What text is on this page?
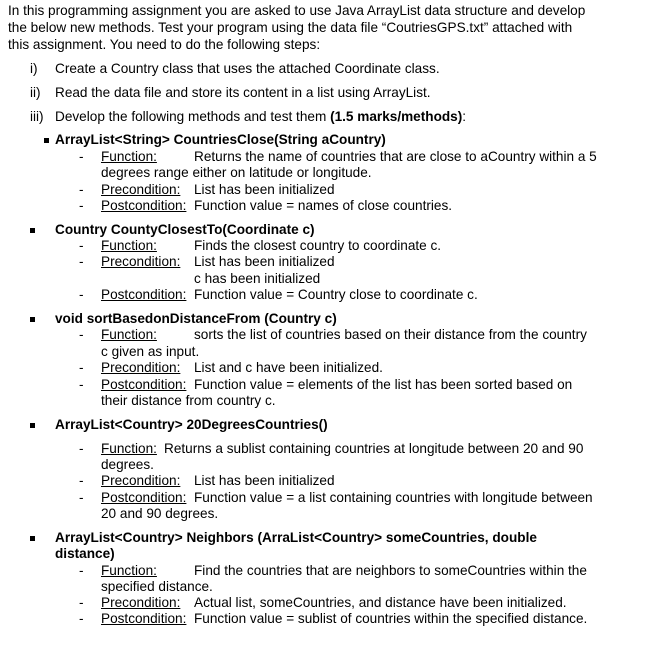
In this programming assignment you are asked to use Java ArrayList data structure and develop
the below new methods. Test your program using the data file “CoutriesGPS.txt” attached with
this assignment. You need to do the following steps:
i) Create a Country class that uses the attached Coordinate class.
ii) Read the data file and store its content in a list using ArrayList.
iii) Develop the following methods and test them (1.5 marks/methods):
ArrayList<String> CountriesClose(String aCountry)
- Function:	Returns the name of countries that are close to aCountry within a 5
degrees range either on latitude or longitude.
- Precondition: List has been initialized
- Postcondition: Function value = names of close countries.
Country CountyClosestTo(Coordinate c)
- Function:	Finds the closest country to coordinate c.
- Precondition: List has been initialized
c has been initialized
- Postcondition: Function value = Country close to coordinate c.
void sortBasedonDistanceFrom (Country c)
- Function:	sorts the list of countries based on their distance from the country
c given as input.
- Precondition: List and c have been initialized.
- Postcondition: Function value = elements of the list has been sorted based on
their distance from country c.
ArrayList<Country> 20DegreesCountries()
- Function: Returns a sublist containing countries at longitude between 20 and 90
degrees.
- Precondition: List has been initialized
- Postcondition: Function value = a list containing countries with longitude between
20 and 90 degrees.
ArrayList<Country> Neighbors (ArraList<Country> someCountries, double
distance)
- Function:	Find the countries that are neighbors to someCountries within the
specified distance.
- Precondition: Actual list, someCountries, and distance have been initialized.
- Postcondition: Function value = sublist of countries within the specified distance.
